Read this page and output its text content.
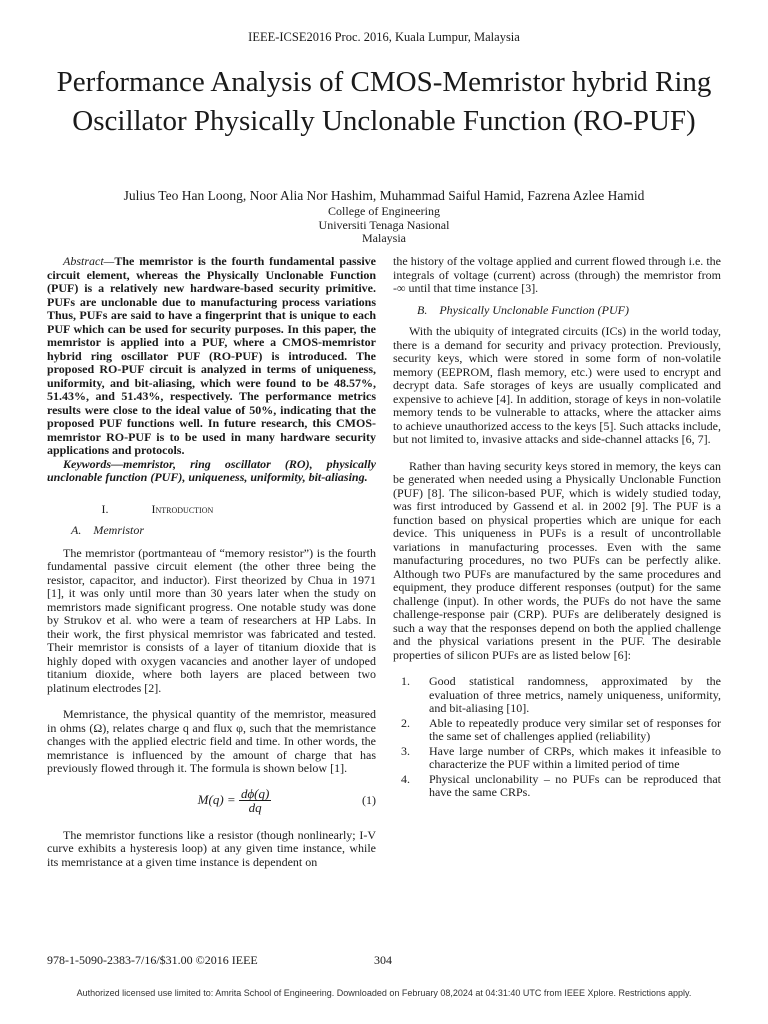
IEEE-ICSE2016 Proc. 2016, Kuala Lumpur, Malaysia
Performance Analysis of CMOS-Memristor hybrid Ring Oscillator Physically Unclonable Function (RO-PUF)
Julius Teo Han Loong, Noor Alia Nor Hashim, Muhammad Saiful Hamid, Fazrena Azlee Hamid
College of Engineering
Universiti Tenaga Nasional
Malaysia

Abstract—The memristor is the fourth fundamental passive circuit element, whereas the Physically Unclonable Function (PUF) is a relatively new hardware-based security primitive. PUFs are unclonable due to manufacturing process variations Thus, PUFs are said to have a fingerprint that is unique to each PUF which can be used for security purposes. In this paper, the memristor is applied into a PUF, where a CMOS-memristor hybrid ring oscillator PUF (RO-PUF) is introduced. The proposed RO-PUF circuit is analyzed in terms of uniqueness, uniformity, and bit-aliasing, which were found to be 48.57%, 51.43%, and 51.43%, respectively. The performance metrics results were close to the ideal value of 50%, indicating that the proposed PUF functions well. In future research, this CMOS-memristor RO-PUF is to be used in many hardware security applications and protocols.

Keywords—memristor, ring oscillator (RO), physically unclonable function (PUF), uniqueness, uniformity, bit-aliasing.

I.	Introduction
A. Memristor

The memristor (portmanteau of “memory resistor”) is the fourth fundamental passive circuit element (the other three being the resistor, capacitor, and inductor). First theorized by Chua in 1971 [1], it was only until more than 30 years later when the study on memristors made significant progress. One notable study was done by Strukov et al. who were a team of researchers at HP Labs. In their work, the first physical memristor was fabricated and tested. Their memristor is consists of a layer of titanium dioxide that is highly doped with oxygen vacancies and another layer of undoped titanium dioxide, where both layers are placed between two platinum electrodes [2].

Memristance, the physical quantity of the memristor, measured in ohms (Ω), relates charge q and flux φ, such that the memristance changes with the applied electric field and time. In other words, the memristance is influenced by the amount of charge that has previously flowed through it. The formula is shown below [1].

$M(q) = \frac{d\phi(q)}{dq}$	(1)

The memristor functions like a resistor (though nonlinearly; I-V curve exhibits a hysteresis loop) at any given time instance, while its memristance at a given time instance is dependent on

the history of the voltage applied and current flowed through i.e. the integrals of voltage (current) across (through) the memristor from -∞ until that time instance [3].

B. Physically Unclonable Function (PUF)

With the ubiquity of integrated circuits (ICs) in the world today, there is a demand for security and privacy protection. Previously, security keys, which were stored in some form of non-volatile memory (EEPROM, flash memory, etc.) were used to encrypt and decrypt data. Safe storages of keys are usually complicated and expensive to achieve [4]. In addition, storage of keys in non-volatile memory tends to be vulnerable to attacks, where the attacker aims to achieve unauthorized access to the keys [5]. Such attacks include, but not limited to, invasive attacks and side-channel attacks [6, 7].

Rather than having security keys stored in memory, the keys can be generated when needed using a Physically Unclonable Function (PUF) [8]. The silicon-based PUF, which is widely studied today, was first introduced by Gassend et al. in 2002 [9]. The PUF is a function based on physical properties which are unique for each device. This uniqueness in PUFs is a result of uncontrollable variations in manufacturing processes. Even with the same manufacturing procedures, no two PUFs can be perfectly alike. Although two PUFs are manufactured by the same procedures and equipment, they produce different responses (output) for the same challenge (input). In other words, the PUFs do not have the same challenge-response pair (CRP). PUFs are deliberately designed is such a way that the responses depend on both the applied challenge and the physical variations present in the PUF. The desirable properties of silicon PUFs are as listed below [6]:

1.	Good statistical randomness, approximated by the evaluation of three metrics, namely uniqueness, uniformity, and bit-aliasing [10].
2.	Able to repeatedly produce very similar set of responses for the same set of challenges applied (reliability)
3.	Have large number of CRPs, which makes it infeasible to characterize the PUF within a limited period of time
4.	Physical unclonability – no PUFs can be reproduced that have the same CRPs.
978-1-5090-2383-7/16/$31.00 ©2016 IEEE	304
Authorized licensed use limited to: Amrita School of Engineering. Downloaded on February 08,2024 at 04:31:40 UTC from IEEE Xplore. Restrictions apply.
